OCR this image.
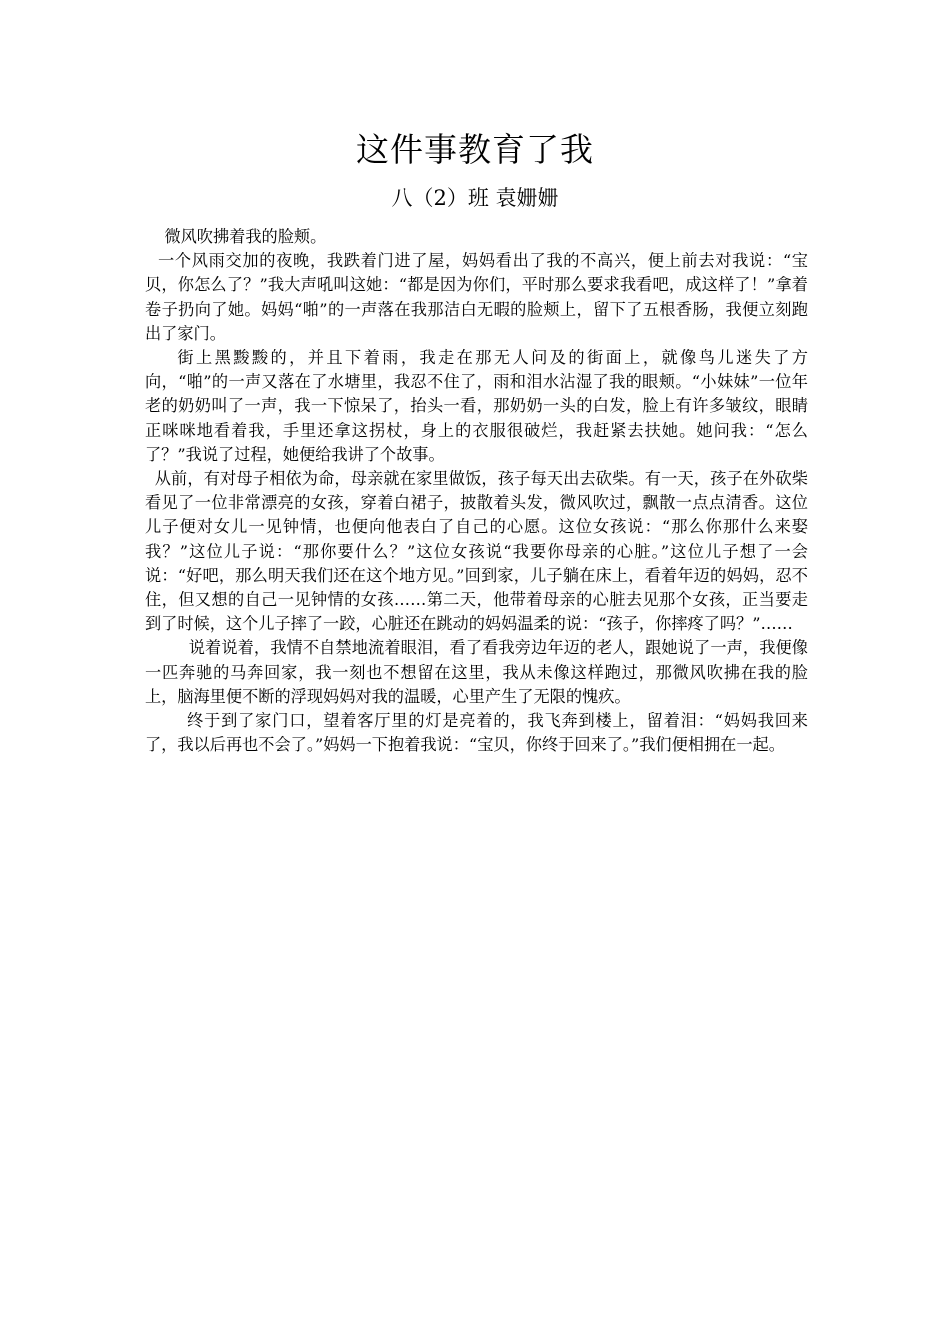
这件事教育了我
八（2）班 袁姗姗

微风吹拂着我的脸颊。

一个风雨交加的夜晚，我跌着门进了屋，妈妈看出了我的不高兴，便上前去对我说：“宝贝，你怎么了？”我大声吼叫这她：“都是因为你们，平时那么要求我看吧，成这样了！”拿着卷子扔向了她。妈妈“啪”的一声落在我那洁白无暇的脸颊上，留下了五根香肠，我便立刻跑出了家门。

街上黑黢黢的，并且下着雨，我走在那无人问及的街面上，就像鸟儿迷失了方向，“啪”的一声又落在了水塘里，我忍不住了，雨和泪水沾湿了我的眼颊。“小妹妹”一位年老的奶奶叫了一声，我一下惊呆了，抬头一看，那奶奶一头的白发，脸上有许多皱纹，眼睛正咪咪地看着我，手里还拿这拐杖，身上的衣服很破烂，我赶紧去扶她。她问我：“怎么了？”我说了过程，她便给我讲了个故事。

从前，有对母子相依为命，母亲就在家里做饭，孩子每天出去砍柴。有一天，孩子在外砍柴看见了一位非常漂亮的女孩，穿着白裙子，披散着头发，微风吹过，飘散一点点清香。这位儿子便对女儿一见钟情，也便向他表白了自己的心愿。这位女孩说：“那么你那什么来娶我？”这位儿子说：“那你要什么？”这位女孩说“我要你母亲的心脏。”这位儿子想了一会说：“好吧，那么明天我们还在这个地方见。”回到家，儿子躺在床上，看着年迈的妈妈，忍不住，但又想的自己一见钟情的女孩……第二天，他带着母亲的心脏去见那个女孩，正当要走到了时候，这个儿子摔了一跤，心脏还在跳动的妈妈温柔的说：“孩子，你摔疼了吗？”……

说着说着，我情不自禁地流着眼泪，看了看我旁边年迈的老人，跟她说了一声，我便像一匹奔驰的马奔回家，我一刻也不想留在这里，我从未像这样跑过，那微风吹拂在我的脸上，脑海里便不断的浮现妈妈对我的温暖，心里产生了无限的愧疚。

终于到了家门口，望着客厅里的灯是亮着的，我飞奔到楼上，留着泪：“妈妈我回来了，我以后再也不会了。”妈妈一下抱着我说：“宝贝，你终于回来了。”我们便相拥在一起。
